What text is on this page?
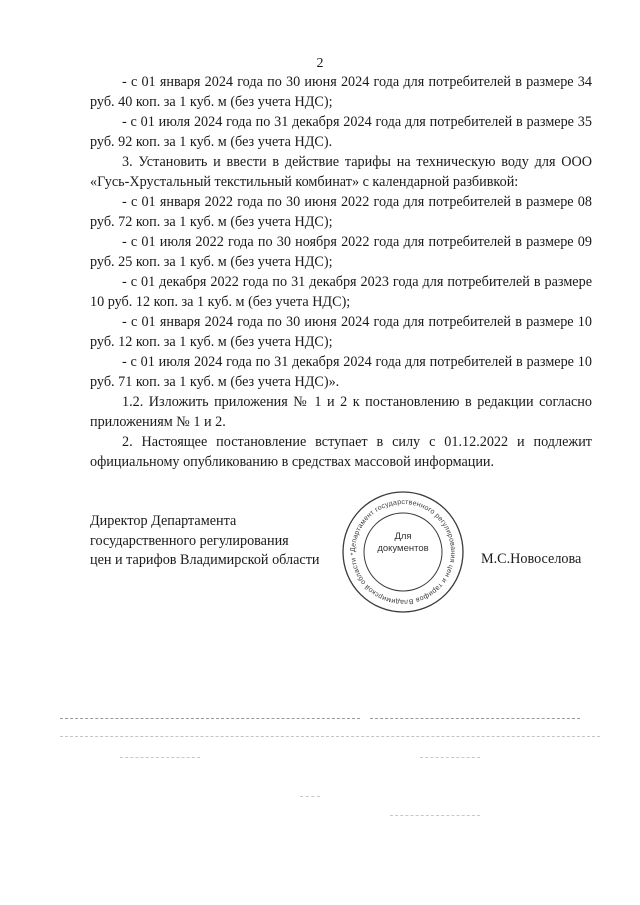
2

- с 01 января 2024 года по 30 июня 2024 года для потребителей в размере 34 руб. 40 коп. за 1 куб. м (без учета НДС);

- с 01 июля 2024 года по 31 декабря 2024 года для потребителей в размере 35 руб. 92 коп. за 1 куб. м (без учета НДС).

3. Установить и ввести в действие тарифы на техническую воду для ООО «Гусь-Хрустальный текстильный комбинат» с календарной разбивкой:

- с 01 января 2022 года по 30 июня 2022 года для потребителей в размере 08 руб. 72 коп. за 1 куб. м (без учета НДС);

- с 01 июля 2022 года по 30 ноября 2022 года для потребителей в размере 09 руб. 25 коп. за 1 куб. м (без учета НДС);

- с 01 декабря 2022 года по 31 декабря 2023 года для потребителей в размере 10 руб. 12 коп. за 1 куб. м (без учета НДС);

- с 01 января 2024 года по 30 июня 2024 года для потребителей в размере 10 руб. 12 коп. за 1 куб. м (без учета НДС);

- с 01 июля 2024 года по 31 декабря 2024 года для потребителей в размере 10 руб. 71 коп. за 1 куб. м (без учета НДС)».

1.2. Изложить приложения № 1 и 2 к постановлению в редакции согласно приложениям № 1 и 2.

2. Настоящее постановление вступает в силу с 01.12.2022 и подлежит официальному опубликованию в средствах массовой информации.

Директор Департамента
государственного регулирования
цен и тарифов Владимирской области	М.С.Новоселова
Департамент государственного регулирования цен и тарифов Владимирской области *
Для
документов
